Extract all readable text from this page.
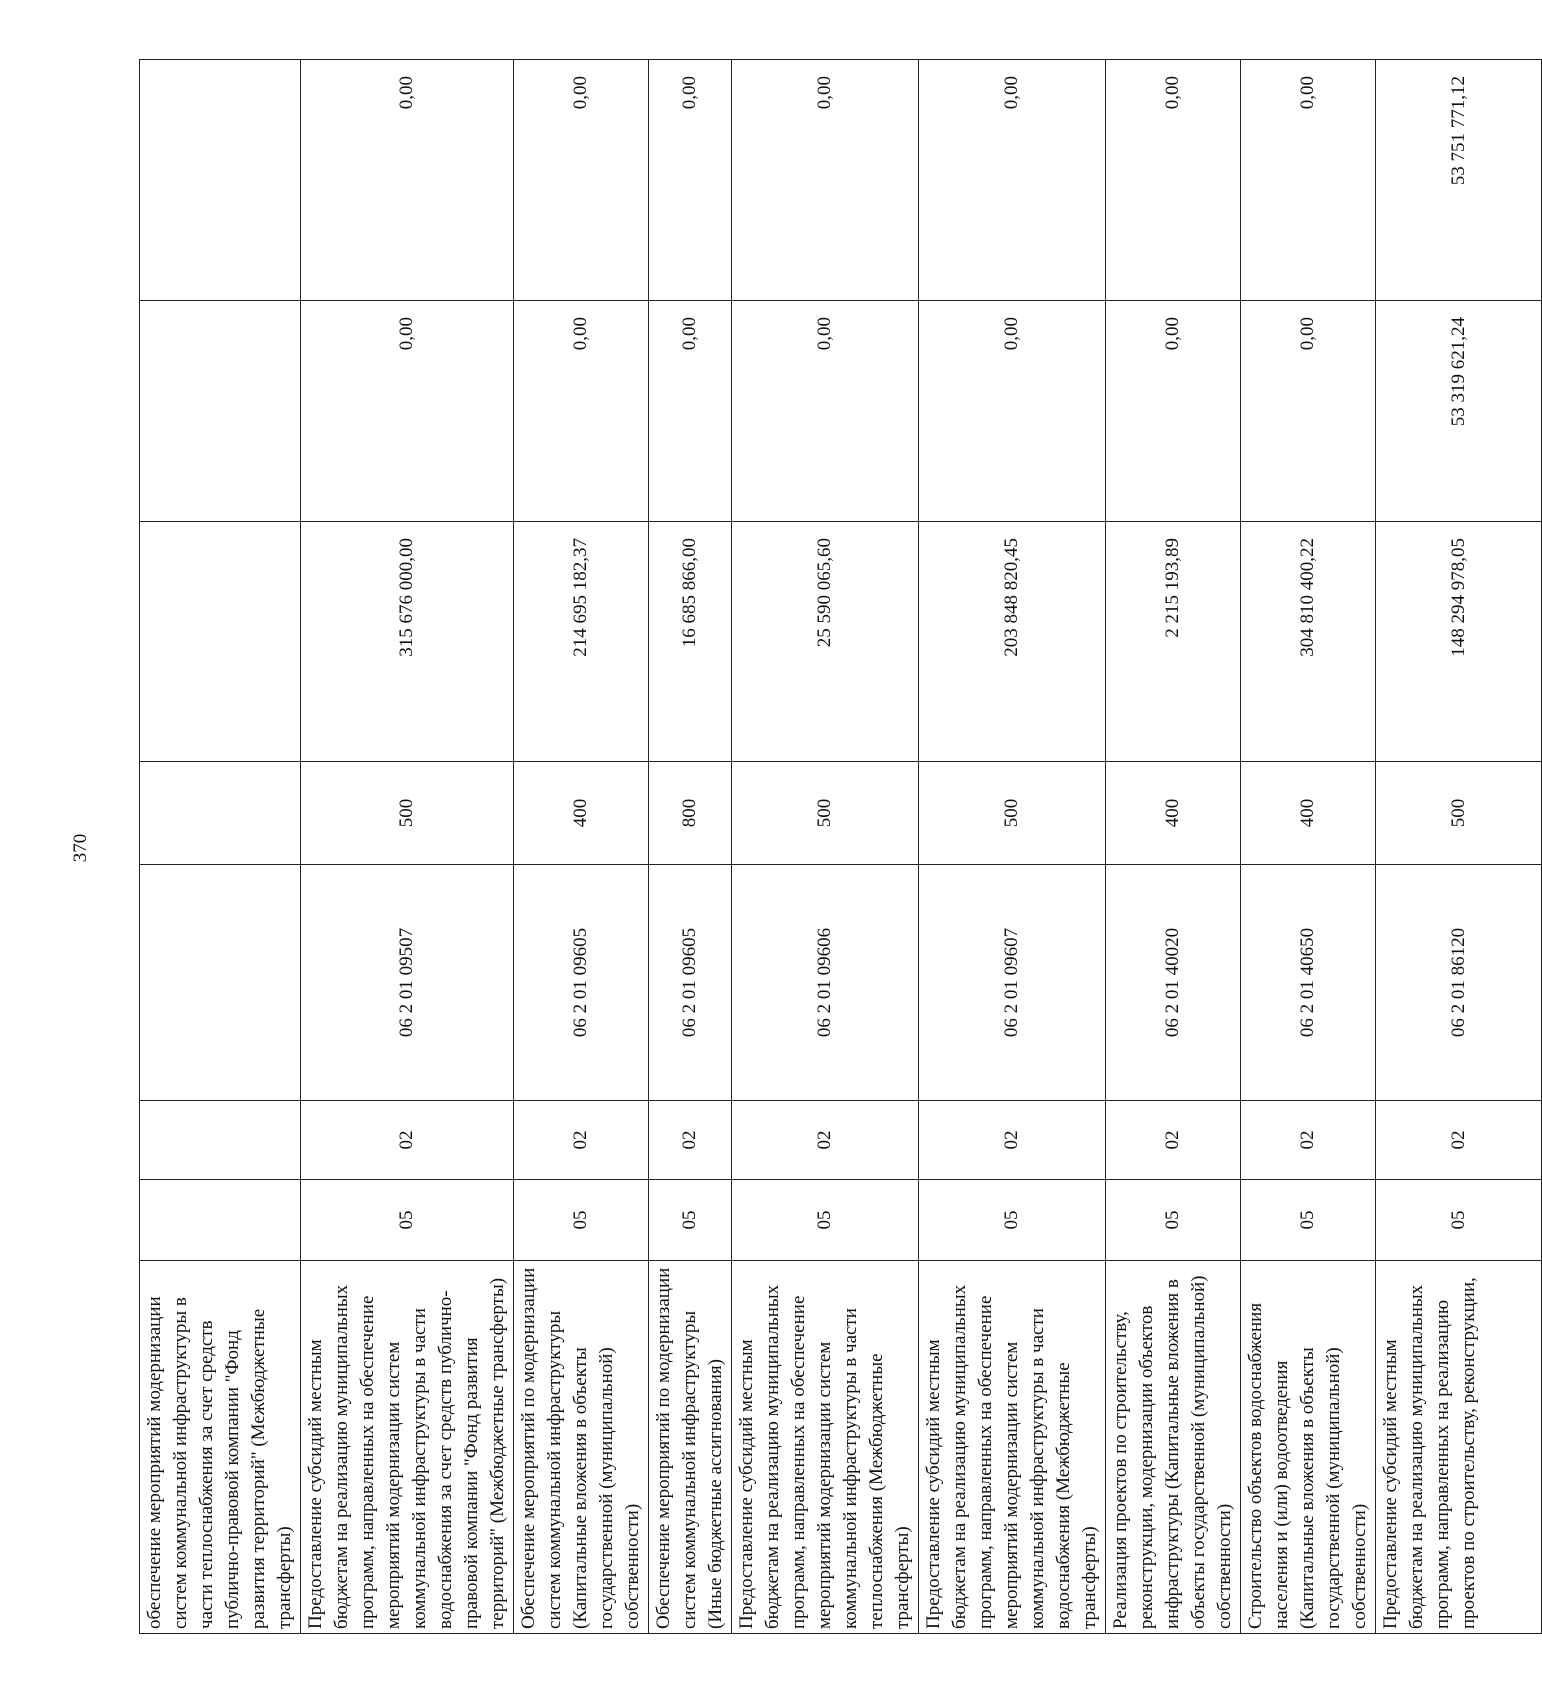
370
обеспечение мероприятий модернизации систем коммунальной инфраструктуры в части теплоснабжения за счет средств публично-правовой компании "Фонд развития территорий" (Межбюджетные трансферты)							
Предоставление субсидий местным бюджетам на реализацию муниципальных программ, направленных на обеспечение мероприятий модернизации систем коммунальной инфраструктуры в части водоснабжения за счет средств публично-правовой компании "Фонд развития территорий" (Межбюджетные трансферты)	05	02	06 2 01 09507	500	315 676 000,00	0,00	0,00
Обеспечение мероприятий по модернизации систем коммунальной инфраструктуры (Капитальные вложения в объекты государственной (муниципальной) собственности)	05	02	06 2 01 09605	400	214 695 182,37	0,00	0,00
Обеспечение мероприятий по модернизации систем коммунальной инфраструктуры (Иные бюджетные ассигнования)	05	02	06 2 01 09605	800	16 685 866,00	0,00	0,00
Предоставление субсидий местным бюджетам на реализацию муниципальных программ, направленных на обеспечение мероприятий модернизации систем коммунальной инфраструктуры в части теплоснабжения (Межбюджетные трансферты)	05	02	06 2 01 09606	500	25 590 065,60	0,00	0,00
Предоставление субсидий местным бюджетам на реализацию муниципальных программ, направленных на обеспечение мероприятий модернизации систем коммунальной инфраструктуры в части водоснабжения (Межбюджетные трансферты)	05	02	06 2 01 09607	500	203 848 820,45	0,00	0,00
Реализация проектов по строительству, реконструкции, модернизации объектов инфраструктуры (Капитальные вложения в объекты государственной (муниципальной) собственности)	05	02	06 2 01 40020	400	2 215 193,89	0,00	0,00
Строительство объектов водоснабжения населения и (или) водоотведения (Капитальные вложения в объекты государственной (муниципальной) собственности)	05	02	06 2 01 40650	400	304 810 400,22	0,00	0,00
Предоставление субсидий местным бюджетам на реализацию муниципальных программ, направленных на реализацию проектов по строительству, реконструкции,	05	02	06 2 01 86120	500	148 294 978,05	53 319 621,24	53 751 771,12
